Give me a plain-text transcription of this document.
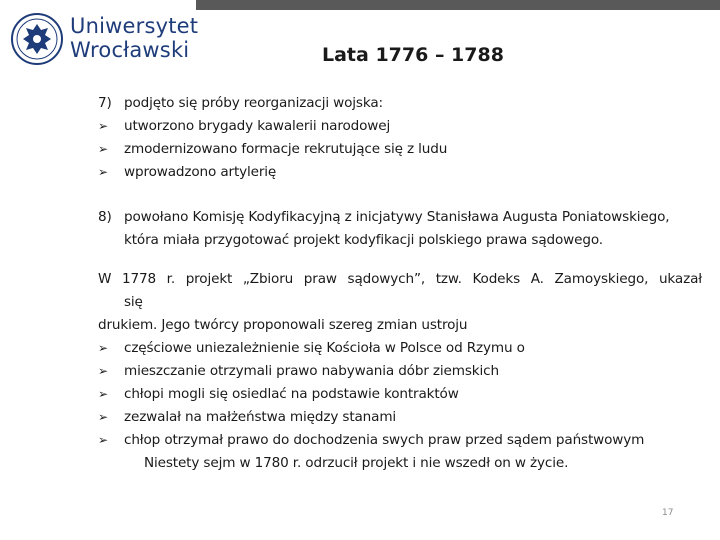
Uniwersytet
Wrocławski	Lata 1776 – 1788
7) podjęto się próby reorganizacji wojska:
➢ utworzono brygady kawalerii narodowej
➢ zmodernizowano formacje rekrutujące się z ludu
➢ wprowadzono artylerię
8) powołano Komisję Kodyfikacyjną z inicjatywy Stanisława Augusta Poniatowskiego, która miała przygotować projekt kodyfikacji polskiego prawa sądowego.
W 1778 r. projekt „Zbioru praw sądowych”, tzw. Kodeks A. Zamoyskiego, ukazał
się
drukiem. Jego twórcy proponowali szereg zmian ustroju
➢ częściowe uniezależnienie się Kościoła w Polsce od Rzymu o
➢ mieszczanie otrzymali prawo nabywania dóbr ziemskich
➢ chłopi mogli się osiedlać na podstawie kontraktów
➢ zezwalał na małżeństwa między stanami
➢ chłop otrzymał prawo do dochodzenia swych praw przed sądem państwowym
Niestety sejm w 1780 r. odrzucił projekt i nie wszedł on w życie.
17
